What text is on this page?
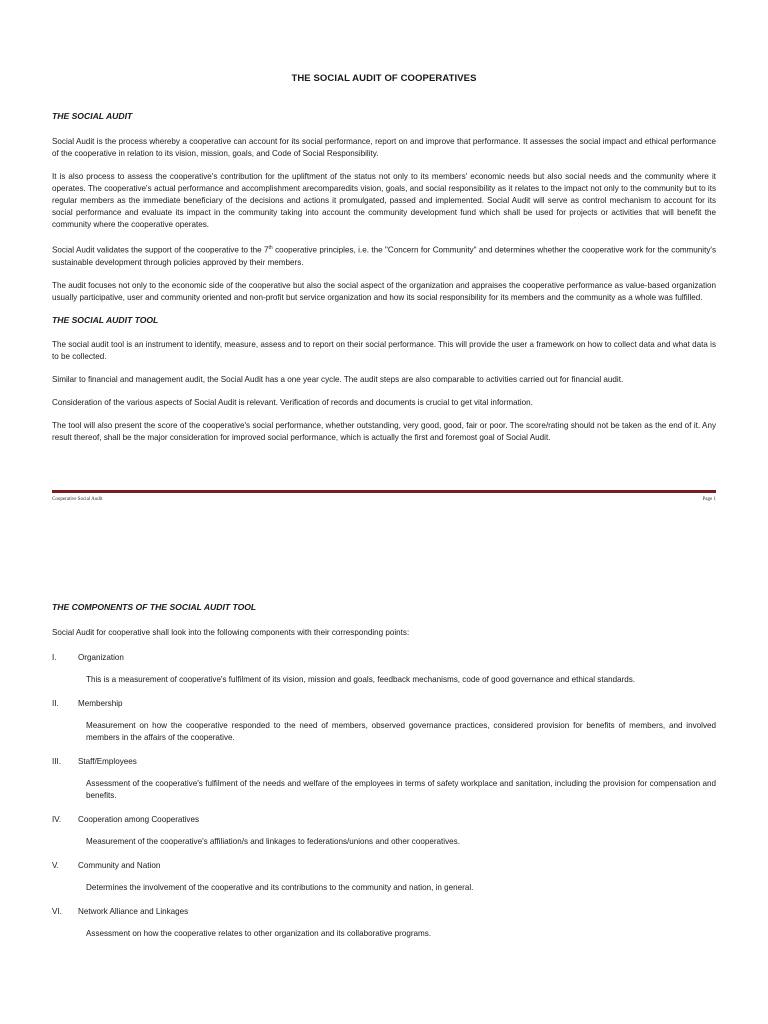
THE SOCIAL AUDIT OF COOPERATIVES
THE SOCIAL AUDIT

Social Audit is the process whereby a cooperative can account for its social performance, report on and improve that performance. It assesses the social impact and ethical performance of the cooperative in relation to its vision, mission, goals, and Code of Social Responsibility.

It is also process to assess the cooperative's contribution for the upliftment of the status not only to its members' economic needs but also social needs and the community where it operates. The cooperative's actual performance and accomplishment arecomparedits vision, goals, and social responsibility as it relates to the impact not only to the community but to its regular members as the immediate beneficiary of the decisions and actions it promulgated, passed and implemented. Social Audit will serve as control mechanism to account for its social performance and evaluate its impact in the community taking into account the community development fund which shall be used for projects or activities that will benefit the community where the cooperative operates.

Social Audit validates the support of the cooperative to the 7th cooperative principles, i.e. the "Concern for Community" and determines whether the cooperative work for the community's sustainable development through policies approved by their members.

The audit focuses not only to the economic side of the cooperative but also the social aspect of the organization and appraises the cooperative performance as value-based organization usually participative, user and community oriented and non-profit but service organization and how its social responsibility for its members and the community as a whole was fulfilled.

THE SOCIAL AUDIT TOOL

The social audit tool is an instrument to identify, measure, assess and to report on their social performance. This will provide the user a framework on how to collect data and what data is to be collected.

Similar to financial and management audit, the Social Audit has a one year cycle. The audit steps are also comparable to activities carried out for financial audit.

Consideration of the various aspects of Social Audit is relevant. Verification of records and documents is crucial to get vital information.

The tool will also present the score of the cooperative's social performance, whether outstanding, very good, good, fair or poor. The score/rating should not be taken as the end of it. Any result thereof, shall be the major consideration for improved social performance, which is actually the first and foremost goal of Social Audit.

Cooperative Social Audit	Page 1
THE COMPONENTS OF THE SOCIAL AUDIT TOOL

Social Audit for cooperative shall look into the following components with their corresponding points:

I.	Organization
This is a measurement of cooperative's fulfilment of its vision, mission and goals, feedback mechanisms, code of good governance and ethical standards.
II.	Membership
Measurement on how the cooperative responded to the need of members, observed governance practices, considered provision for benefits of members, and involved members in the affairs of the cooperative.
III.	Staff/Employees
Assessment of the cooperative's fulfilment of the needs and welfare of the employees in terms of safety workplace and sanitation, including the provision for compensation and benefits.
IV.	Cooperation among Cooperatives
Measurement of the cooperative's affiliation/s and linkages to federations/unions and other cooperatives.
V.	Community and Nation
Determines the involvement of the cooperative and its contributions to the community and nation, in general.
VI.	Network Alliance and Linkages
Assessment on how the cooperative relates to other organization and its collaborative programs.
